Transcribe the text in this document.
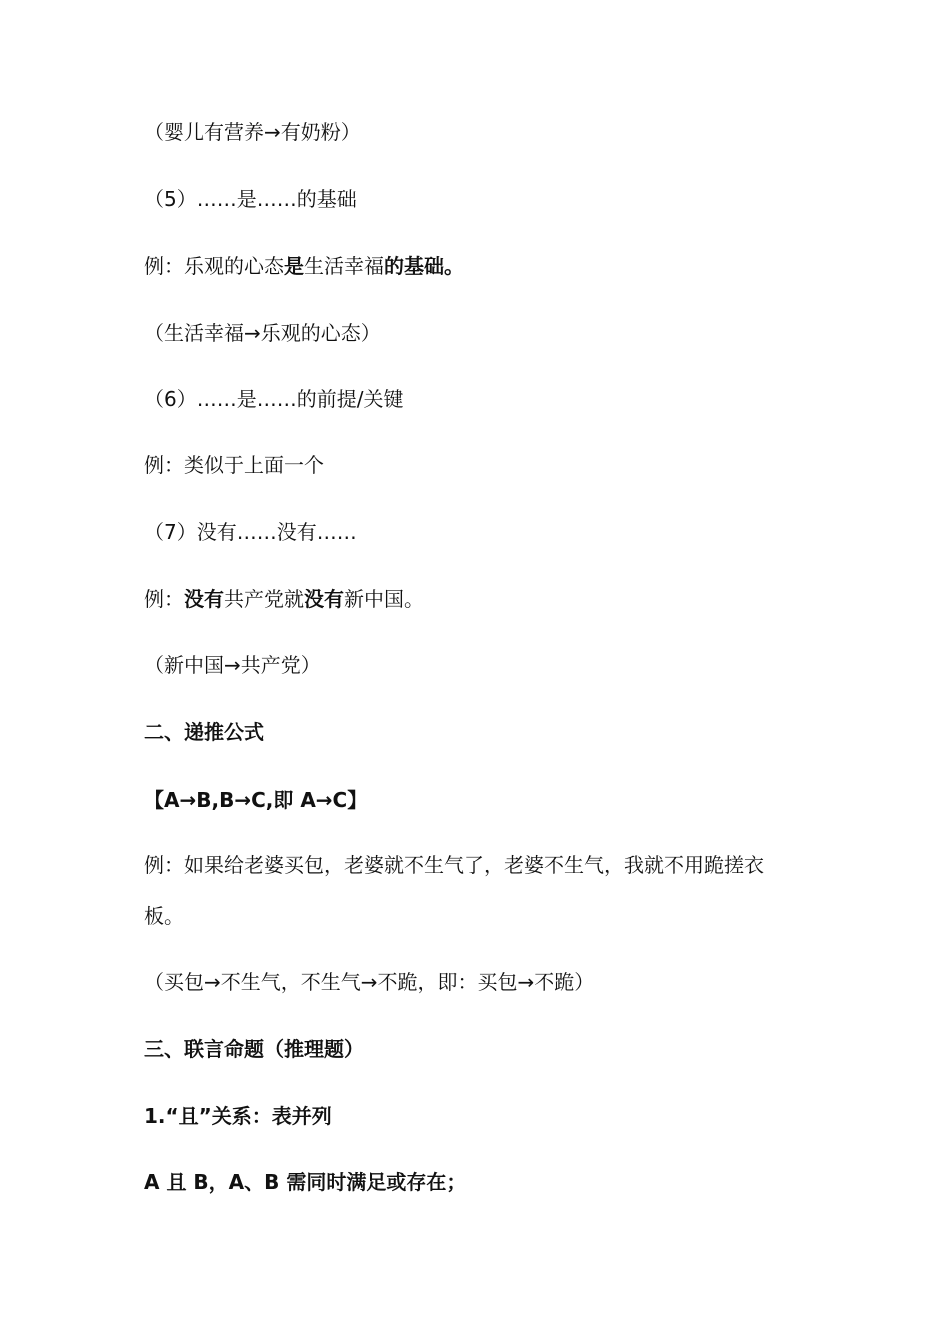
（婴儿有营养→有奶粉）
（5）……是……的基础
例：乐观的心态是生活幸福的基础。
（生活幸福→乐观的心态）
（6）……是……的前提/关键
例：类似于上面一个
（7）没有……没有……
例：没有共产党就没有新中国。
（新中国→共产党）
二、递推公式
【A→B,B→C,即 A→C】
例：如果给老婆买包，老婆就不生气了，老婆不生气，我就不用跪搓衣
板。
（买包→不生气，不生气→不跪，即：买包→不跪）
三、联言命题（推理题）
1.“且”关系：表并列
A 且 B，A、B 需同时满足或存在；
